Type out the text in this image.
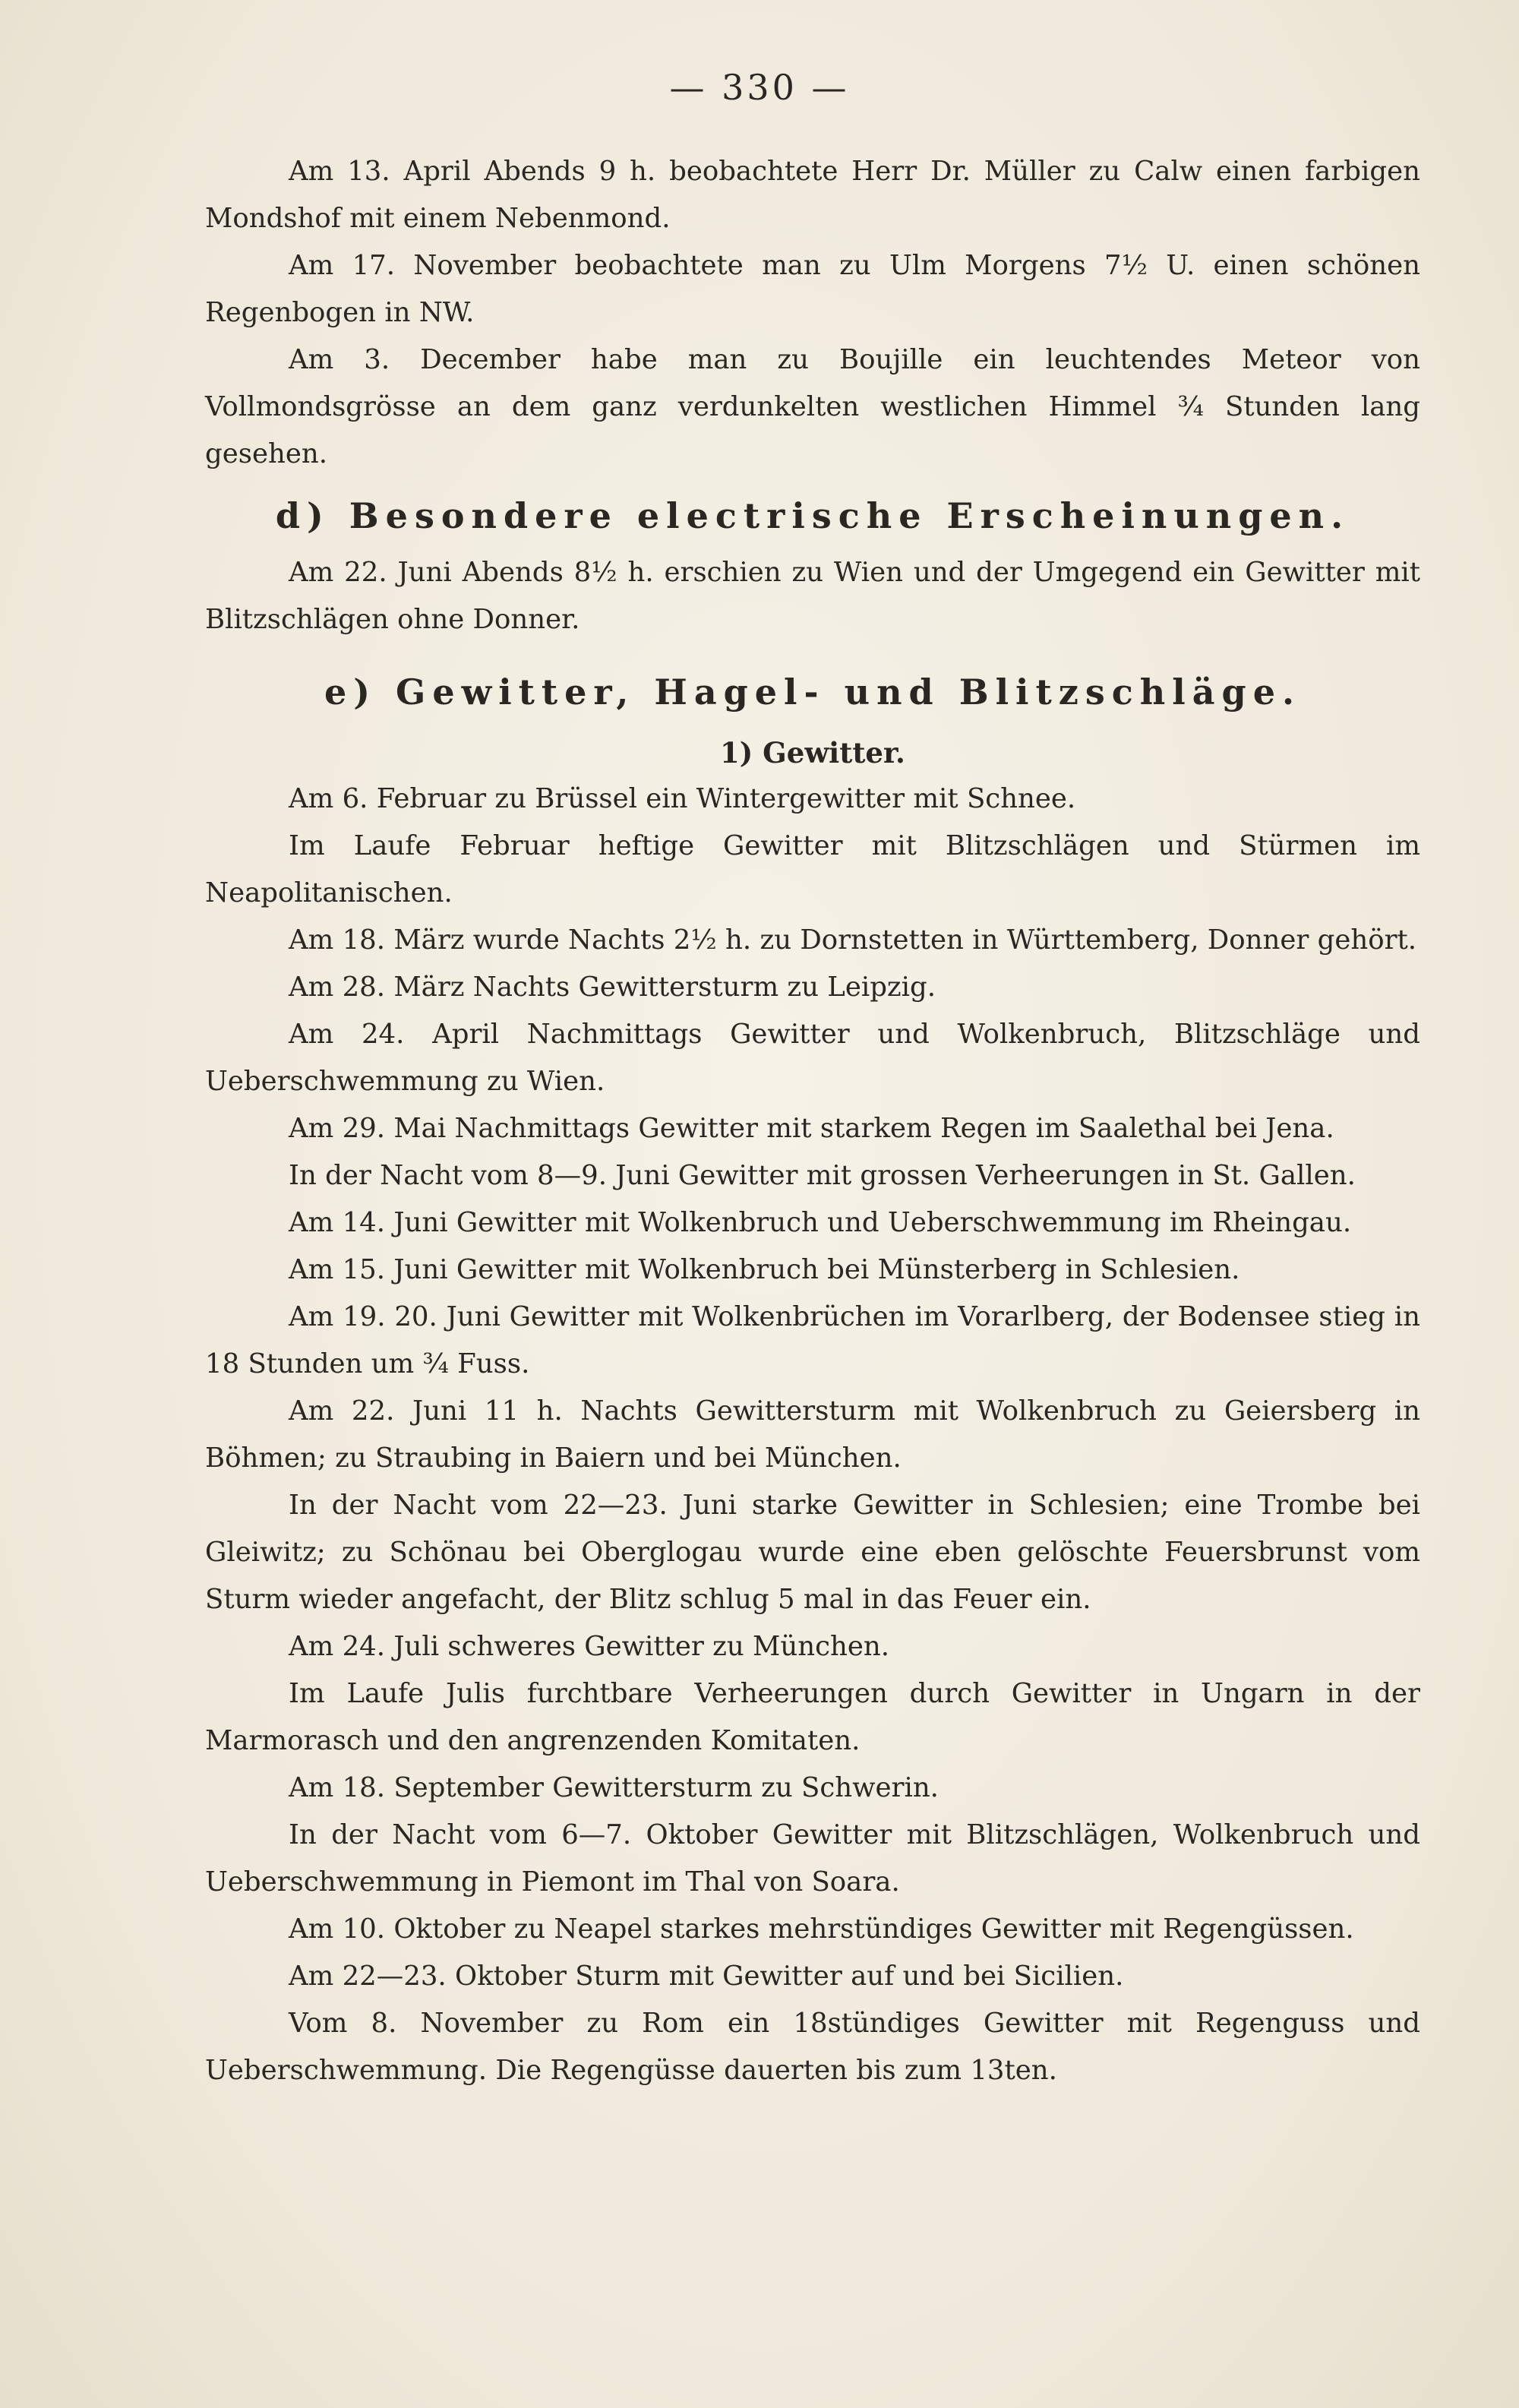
— 330 —

Am 13. April Abends 9 h. beobachtete Herr Dr. Müller zu Calw einen farbigen Mondshof mit einem Nebenmond.

Am 17. November beobachtete man zu Ulm Morgens 7½ U. einen schönen Regenbogen in NW.

Am 3. December habe man zu Boujille ein leuchtendes Meteor von Vollmondsgrösse an dem ganz verdunkelten westlichen Himmel ¾ Stunden lang gesehen.

d) Besondere electrische Erscheinungen.

Am 22. Juni Abends 8½ h. erschien zu Wien und der Umgegend ein Gewitter mit Blitzschlägen ohne Donner.

e) Gewitter, Hagel- und Blitzschläge.
1) Gewitter.

Am 6. Februar zu Brüssel ein Wintergewitter mit Schnee.

Im Laufe Februar heftige Gewitter mit Blitzschlägen und Stürmen im Neapolitanischen.

Am 18. März wurde Nachts 2½ h. zu Dornstetten in Württemberg, Donner gehört.

Am 28. März Nachts Gewittersturm zu Leipzig.

Am 24. April Nachmittags Gewitter und Wolkenbruch, Blitzschläge und Ueberschwemmung zu Wien.

Am 29. Mai Nachmittags Gewitter mit starkem Regen im Saalethal bei Jena.

In der Nacht vom 8—9. Juni Gewitter mit grossen Verheerungen in St. Gallen.

Am 14. Juni Gewitter mit Wolkenbruch und Ueberschwemmung im Rheingau.

Am 15. Juni Gewitter mit Wolkenbruch bei Münsterberg in Schlesien.

Am 19. 20. Juni Gewitter mit Wolkenbrüchen im Vorarlberg, der Bodensee stieg in 18 Stunden um ¾ Fuss.

Am 22. Juni 11 h. Nachts Gewittersturm mit Wolkenbruch zu Geiersberg in Böhmen; zu Straubing in Baiern und bei München.

In der Nacht vom 22—23. Juni starke Gewitter in Schlesien; eine Trombe bei Gleiwitz; zu Schönau bei Oberglogau wurde eine eben gelöschte Feuersbrunst vom Sturm wieder angefacht, der Blitz schlug 5 mal in das Feuer ein.

Am 24. Juli schweres Gewitter zu München.

Im Laufe Julis furchtbare Verheerungen durch Gewitter in Ungarn in der Marmorasch und den angrenzenden Komitaten.

Am 18. September Gewittersturm zu Schwerin.

In der Nacht vom 6—7. Oktober Gewitter mit Blitzschlägen, Wolkenbruch und Ueberschwemmung in Piemont im Thal von Soara.

Am 10. Oktober zu Neapel starkes mehrstündiges Gewitter mit Regengüssen.

Am 22—23. Oktober Sturm mit Gewitter auf und bei Sicilien.

Vom 8. November zu Rom ein 18stündiges Gewitter mit Regenguss und Ueberschwemmung. Die Regengüsse dauerten bis zum 13ten.
